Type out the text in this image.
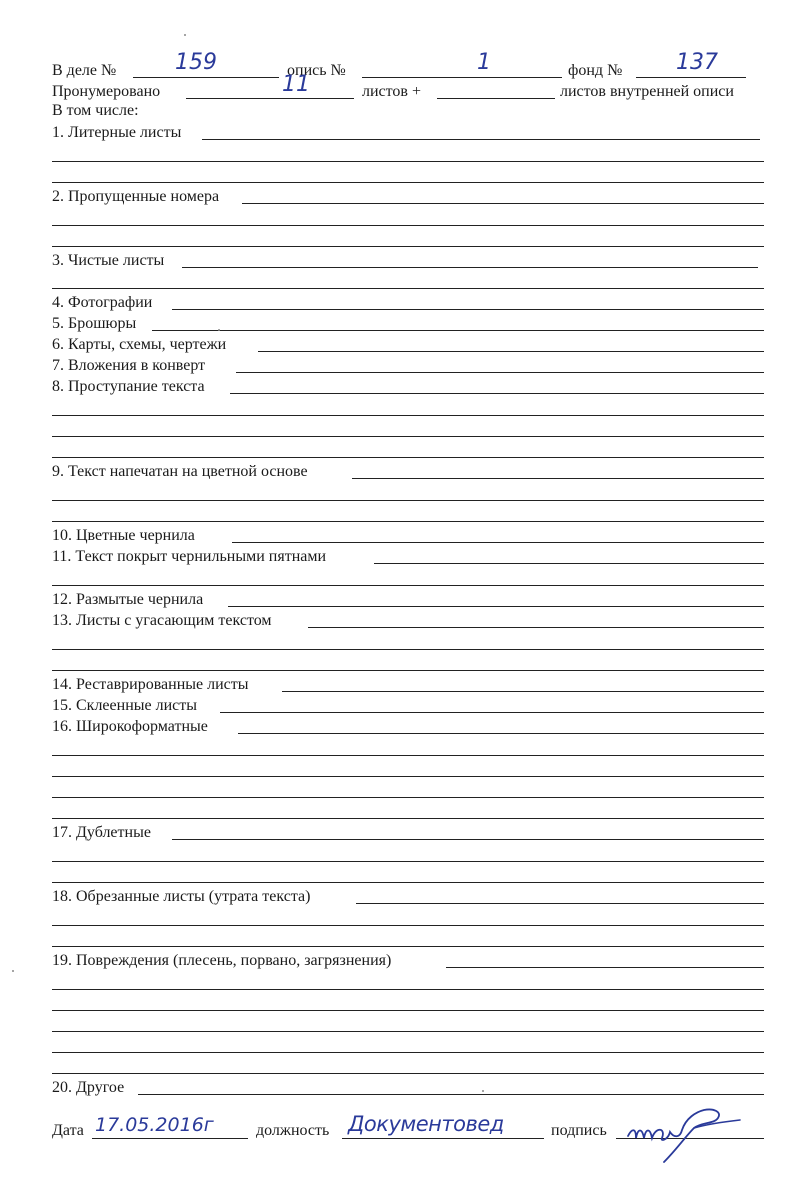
В деле №	159	опись №	1	фонд № 137
Пронумеровано	11	листов +	листов внутренней описи
В том числе:
1. Литерные листы
2. Пропущенные номера
3. Чистые листы
4. Фотографии
5. Брошюры
6. Карты, схемы, чертежи
7. Вложения в конверт
8. Проступание текста
9. Текст напечатан на цветной основе
10. Цветные чернила
11. Текст покрыт чернильными пятнами
12. Размытые чернила
13. Листы с угасающим текстом
14. Реставрированные листы
15. Склеенные листы
16. Широкоформатные
17. Дублетные
18. Обрезанные листы (утрата текста)
19. Повреждения (плесень, порвано, загрязнения)
20. Другое
Дата 17.05.2016г	должность Документовед	подпись
